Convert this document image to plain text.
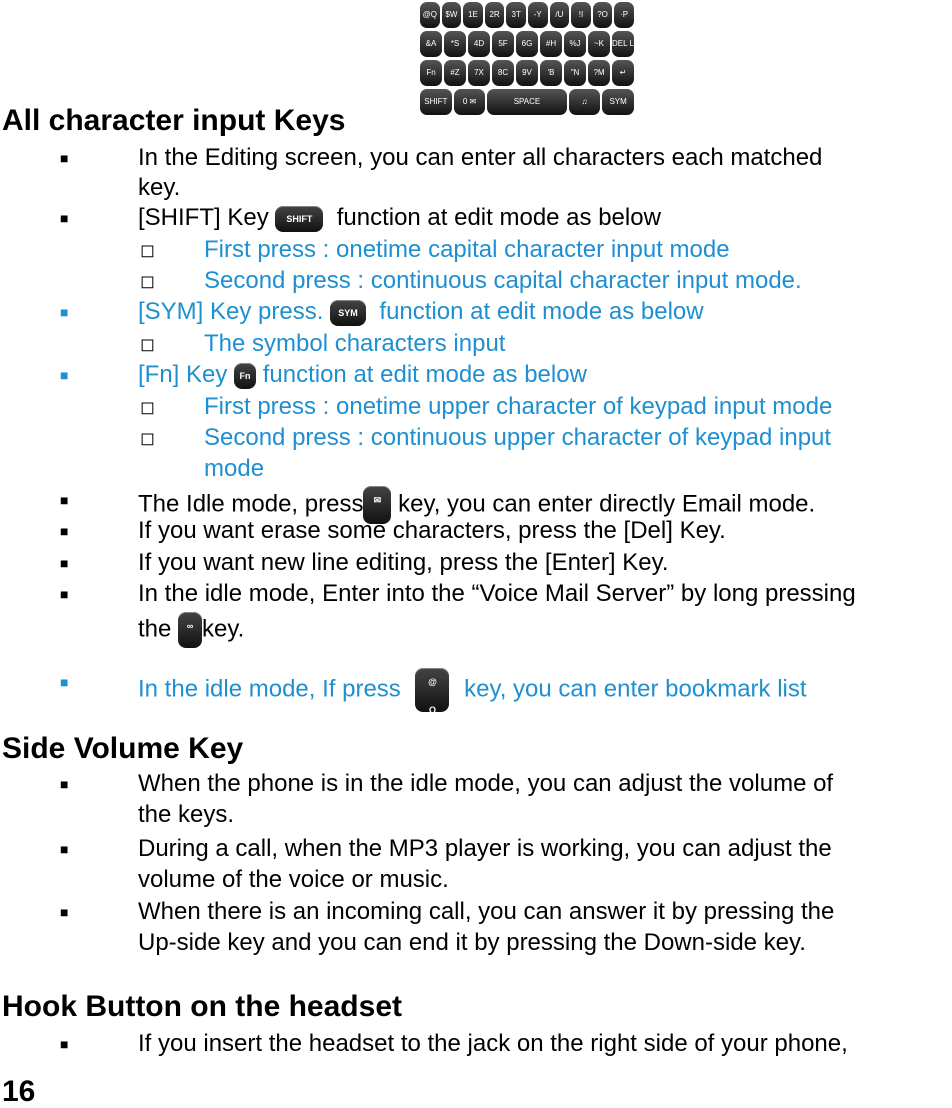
All character input Keys
@Q	$W	1E	2R	3T	-Y	/U	!I	?O	·P
&A	*S	4D	5F	6G	#H	%J	~K	DEL L
Fn	#Z	7X	8C	9V	'B	"N	?M	↵
SHIFT	0 ✉	SPACE	♫	SYM
■	In the Editing screen, you can enter all characters each matched
key.
■	[SHIFT] Key SHIFT function at edit mode as below
◻ First press : onetime capital character input mode
◻ Second press : continuous capital character input mode.
■	[SYM] Key press. SYM function at edit mode as below
◻ The symbol characters input
■	[Fn] Key Fn function at edit mode as below
◻ First press : onetime upper character of keypad input mode
◻ Second press : continuous upper character of keypad input
mode
■	The Idle mode, press ✉ key, you can enter directly Email mode.
■	If you want erase some characters, press the [Del] Key.
■	If you want new line editing, press the [Enter] Key.
■	In the idle mode, Enter into the “Voice Mail Server” by long pressing
the ∞ key.
■	In the idle mode, If press	@
Q key, you can enter bookmark list
Side Volume Key
■	When the phone is in the idle mode, you can adjust the volume of
the keys.
■	During a call, when the MP3 player is working, you can adjust the
volume of the voice or music.
■	When there is an incoming call, you can answer it by pressing the
Up-side key and you can end it by pressing the Down-side key.
Hook Button on the headset
■	If you insert the headset to the jack on the right side of your phone,
16
